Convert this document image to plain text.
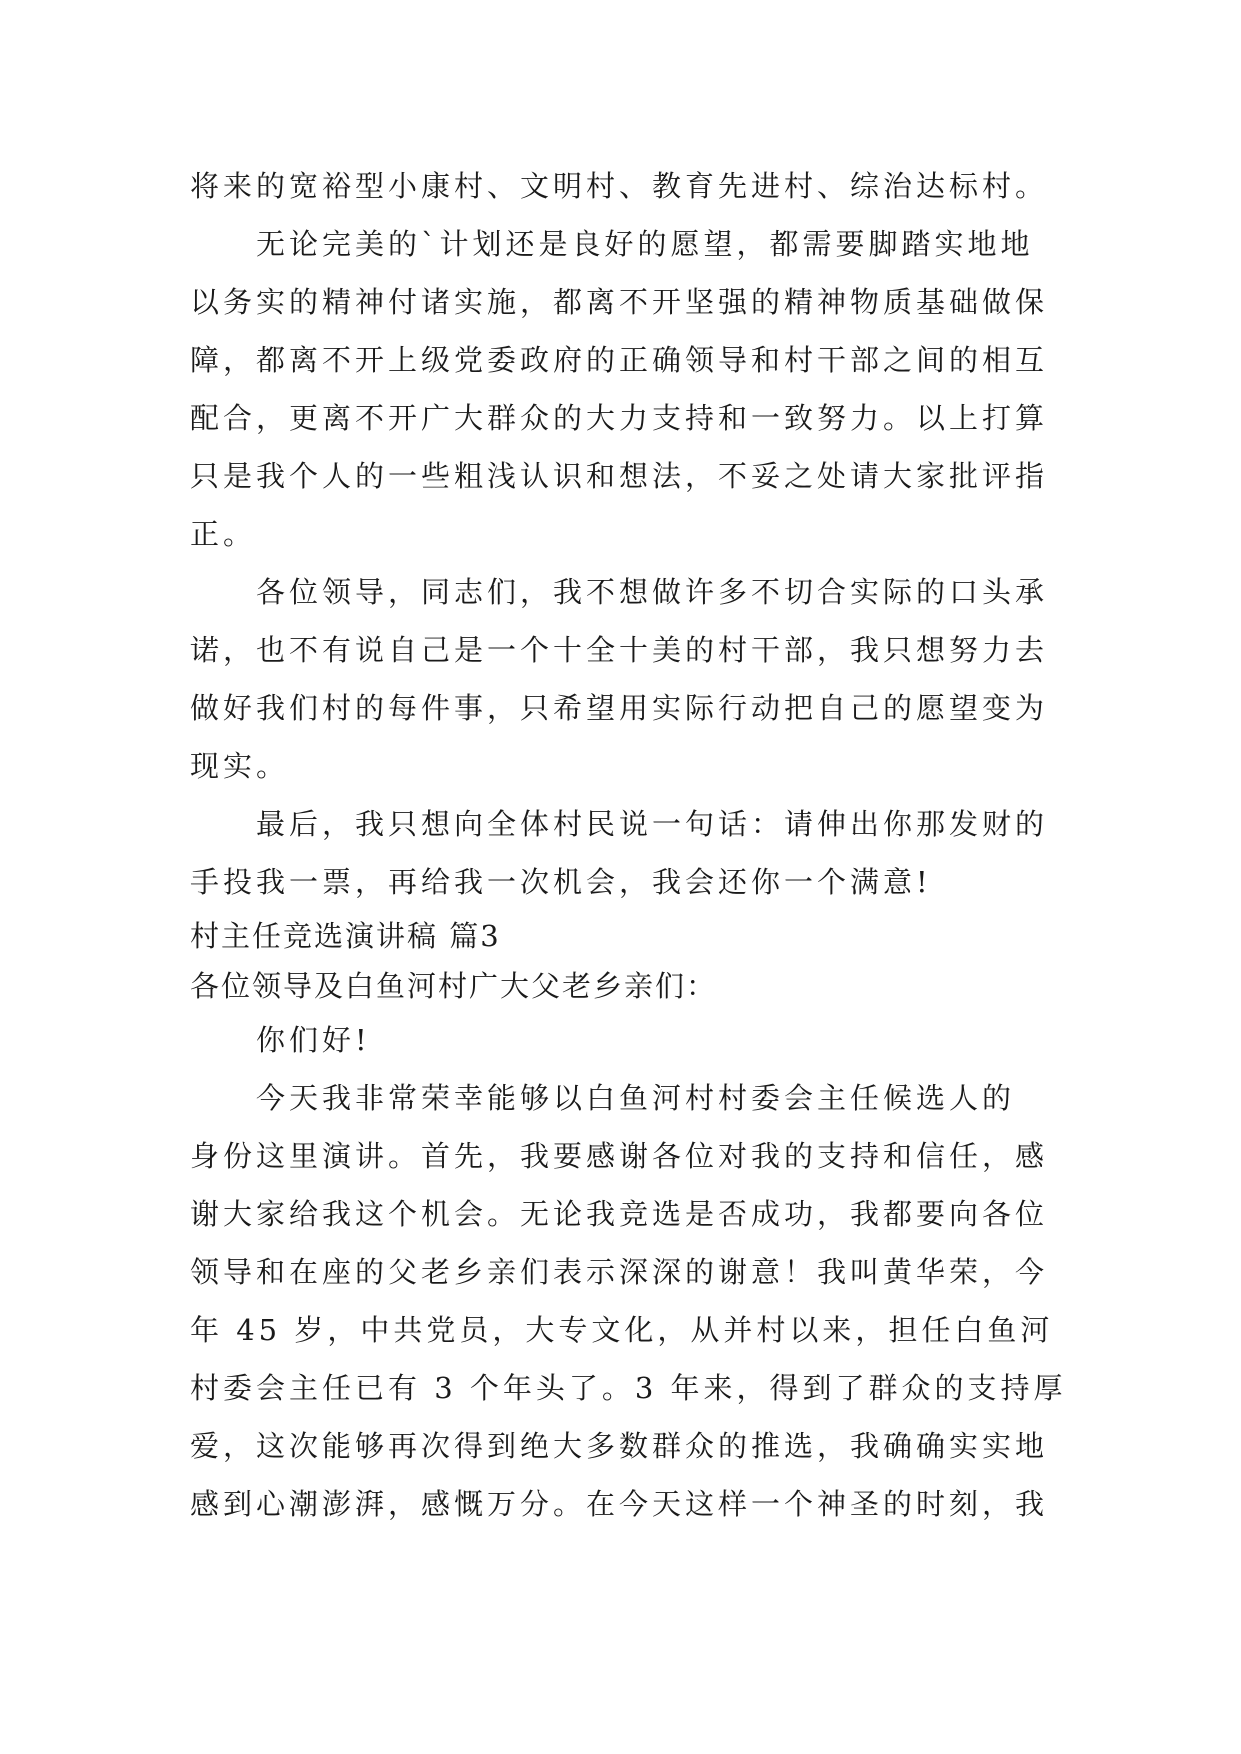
将来的宽裕型小康村、文明村、教育先进村、综治达标村。
无论完美的`计划还是良好的愿望，都需要脚踏实地地
以务实的精神付诸实施，都离不开坚强的精神物质基础做保
障，都离不开上级党委政府的正确领导和村干部之间的相互
配合，更离不开广大群众的大力支持和一致努力。以上打算
只是我个人的一些粗浅认识和想法，不妥之处请大家批评指
正。
各位领导，同志们，我不想做许多不切合实际的口头承
诺，也不有说自己是一个十全十美的村干部，我只想努力去
做好我们村的每件事，只希望用实际行动把自己的愿望变为
现实。
最后，我只想向全体村民说一句话：请伸出你那发财的
手投我一票，再给我一次机会，我会还你一个满意!
村主任竞选演讲稿 篇3
各位领导及白鱼河村广大父老乡亲们：
你们好!
今天我非常荣幸能够以白鱼河村村委会主任候选人的
身份这里演讲。首先，我要感谢各位对我的支持和信任，感
谢大家给我这个机会。无论我竞选是否成功，我都要向各位
领导和在座的父老乡亲们表示深深的谢意！我叫黄华荣，今
年 45 岁，中共党员，大专文化，从并村以来，担任白鱼河
村委会主任已有 3 个年头了。3 年来，得到了群众的支持厚
爱，这次能够再次得到绝大多数群众的推选，我确确实实地
感到心潮澎湃，感慨万分。在今天这样一个神圣的时刻，我
